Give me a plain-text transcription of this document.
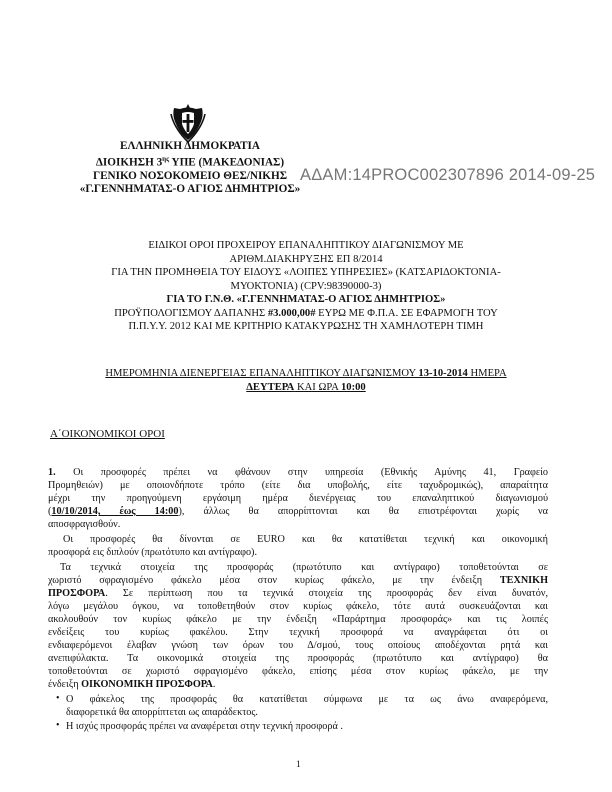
ΕΛΛΗΝΙΚΗ ΔΗΜΟΚΡΑΤΙΑ
ΔΙΟΙΚΗΣΗ $3^{\eta\varsigma}$ ΥΠΕ (ΜΑΚΕΔΟΝΙΑΣ)
ΓΕΝΙΚΟ ΝΟΣΟΚΟΜΕΙΟ ΘΕΣ/ΝΙΚΗΣ
«Γ.ΓΕΝΝΗΜΑΤΑΣ-Ο ΑΓΙΟΣ ΔΗΜΗΤΡΙΟΣ»
ΑΔΑΜ:14PROC002307896 2014-09-25
ΕΙΔΙΚΟΙ ΟΡΟΙ ΠΡΟΧΕΙΡΟΥ ΕΠΑΝΑΛΗΠΤΙΚΟΥ ΔΙΑΓΩΝΙΣΜΟΥ ΜΕ
ΑΡΙΘΜ.ΔΙΑΚΗΡΥΞΗΣ ΕΠ 8/2014
ΓΙΑ ΤΗΝ ΠΡΟΜΗΘΕΙΑ ΤΟΥ ΕΙΔΟΥΣ «ΛΟΙΠΕΣ ΥΠΗΡΕΣΙΕΣ» (ΚΑΤΣΑΡΙΔΟΚΤΟΝΙΑ-
ΜΥΟΚΤΟΝΙΑ) (CPV:98390000-3)
ΓΙΑ ΤΟ Γ.Ν.Θ. «Γ.ΓΕΝΝΗΜΑΤΑΣ-Ο ΑΓΙΟΣ ΔΗΜΗΤΡΙΟΣ»
ΠΡΟΫΠΟΛΟΓΙΣΜΟΥ ΔΑΠΑΝΗΣ #3.000,00# ΕΥΡΩ ΜΕ Φ.Π.Α. ΣΕ ΕΦΑΡΜΟΓΗ ΤΟΥ
Π.Π.Υ.Υ. 2012 ΚΑΙ ΜΕ ΚΡΙΤΗΡΙΟ ΚΑΤΑΚΥΡΩΣΗΣ ΤΗ ΧΑΜΗΛΟΤΕΡΗ ΤΙΜΗ
ΗΜΕΡΟΜΗΝΙΑ ΔΙΕΝΕΡΓΕΙΑΣ ΕΠΑΝΑΛΗΠΤΙΚΟΥ ΔΙΑΓΩΝΙΣΜΟΥ 13-10-2014 ΗΜΕΡΑ
ΔΕΥΤΕΡΑ ΚΑΙ ΩΡΑ 10:00
Α΄ΟΙΚΟΝΟΜΙΚΟΙ ΟΡΟΙ
1. Οι προσφορές πρέπει να φθάνουν στην υπηρεσία (Εθνικής Αμύνης 41, Γραφείο
Προμηθειών) με οποιονδήποτε τρόπο (είτε δια υποβολής, είτε ταχυδρομικώς), απαραίτητα
μέχρι την προηγούμενη εργάσιμη ημέρα διενέργειας του επαναληπτικού διαγωνισμού
(10/10/2014, έως 14:00), άλλως θα απορρίπτονται και θα επιστρέφονται χωρίς να
αποσφραγισθούν.
Οι προσφορές θα δίνονται σε EURO και θα κατατίθεται τεχνική και οικονομική
προσφορά εις διπλούν (πρωτότυπο και αντίγραφο).
Τα τεχνικά στοιχεία της προσφοράς (πρωτότυπο και αντίγραφο) τοποθετούνται σε
χωριστό σφραγισμένο φάκελο μέσα στον κυρίως φάκελο, με την ένδειξη ΤΕΧΝΙΚΗ
ΠΡΟΣΦΟΡΑ. Σε περίπτωση που τα τεχνικά στοιχεία της προσφοράς δεν είναι δυνατόν,
λόγω μεγάλου όγκου, να τοποθετηθούν στον κυρίως φάκελο, τότε αυτά συσκευάζονται και
ακολουθούν τον κυρίως φάκελο με την ένδειξη «Παράρτημα προσφοράς» και τις λοιπές
ενδείξεις του κυρίως φακέλου. Στην τεχνική προσφορά να αναγράφεται ότι οι
ενδιαφερόμενοι έλαβαν γνώση των όρων του Δ/σμού, τους οποίους αποδέχονται ρητά και
ανεπιφύλακτα. Τα οικονομικά στοιχεία της προσφοράς (πρωτότυπο και αντίγραφο) θα
τοποθετούνται σε χωριστό σφραγισμένο φάκελο, επίσης μέσα στον κυρίως φάκελο, με την
ένδειξη ΟΙΚΟΝΟΜΙΚΗ ΠΡΟΣΦΟΡΑ.
• Ο φάκελος της προσφοράς θα κατατίθεται σύμφωνα με τα ως άνω αναφερόμενα,
διαφορετικά θα απορρίπτεται ως απαράδεκτος.
• Η ισχύς προσφοράς πρέπει να αναφέρεται στην τεχνική προσφορά .
1
